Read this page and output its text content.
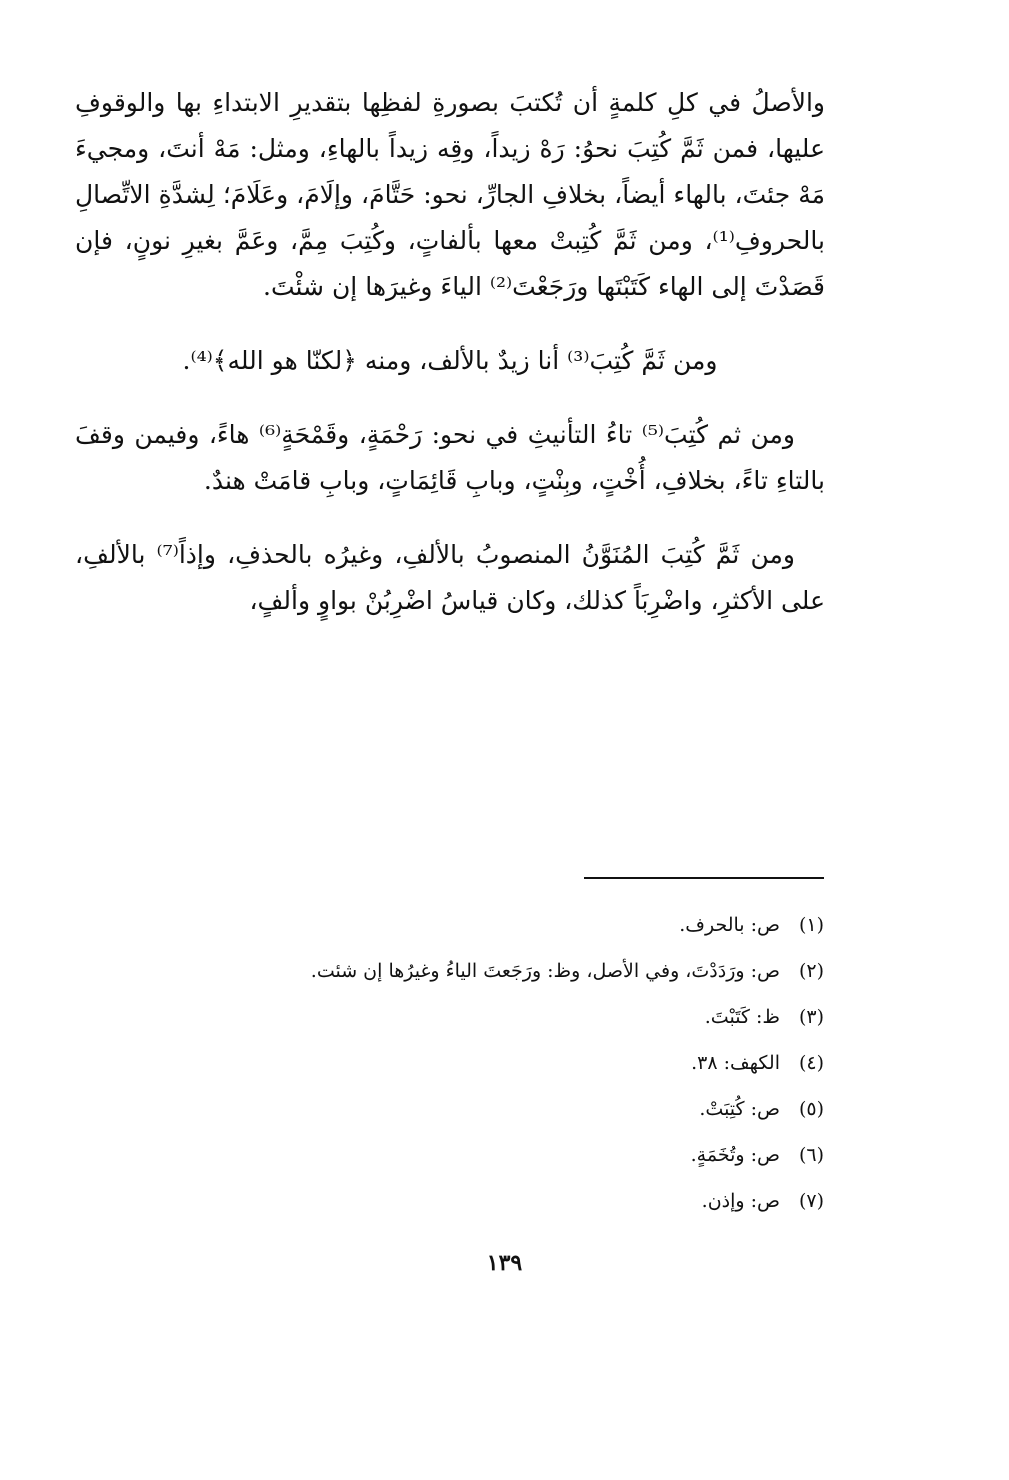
والأصلُ في كلِ كلمةٍ أن تُكتبَ بصورةِ لفظِها بتقديرِ الابتداءِ بها والوقوفِ عليها، فمن ثَمَّ كُتِبَ نحوُ: رَهْ زيداً، وقِه زيداً بالهاءِ، ومثل: مَهْ أنتَ، ومجيءَ مَهْ جئتَ، بالهاء أيضاً، بخلافِ الجارِّ، نحو: حَتَّامَ، وإلَامَ، وعَلَامَ؛ لِشدَّةِ الاتِّصالِ بالحروفِ⁽¹⁾، ومن ثَمَّ كُتِبتْ معها بألفاتٍ، وكُتِبَ مِمَّ، وعَمَّ بغيرِ نونٍ، فإن قَصَدْتَ إلى الهاء كَتَبْتَها ورَجَعْتَ⁽²⁾ الياءَ وغيرَها إن شئْتَ.

ومن ثَمَّ كُتِبَ⁽³⁾ أنا زيدٌ بالألف، ومنه ﴿لكنّا هو الله﴾⁽⁴⁾.

ومن ثم كُتِبَ⁽⁵⁾ تاءُ التأنيثِ في نحو: رَحْمَةٍ، وقَمْحَةٍ⁽⁶⁾ هاءً، وفيمن وقفَ بالتاءِ تاءً، بخلافِ، أُخْتٍ، وبِنْتٍ، وبابِ قَائِمَاتٍ، وبابِ قامَتْ هندٌ.

ومن ثَمَّ كُتِبَ المُنَوَّنُ المنصوبُ بالألفِ، وغيرُه بالحذفِ، وإذاً⁽⁷⁾ بالألفِ، على الأكثرِ، واضْرِبَاً كذلك، وكان قياسُ اضْرِبُنْ بواوٍ وألفٍ،

(١)ص: بالحرف.
(٢)ص: ورَدَدْتَ، وفي الأصل، وظ: ورَجَعتَ الياءُ وغيرُها إن شئت.
(٣)ظ: كَتَبْتَ.
(٤)الكهف: ٣٨.
(٥)ص: كُتِبَتْ.
(٦)ص: وتُخَمَةٍ.
(٧)ص: وإذن.
١٣٩
